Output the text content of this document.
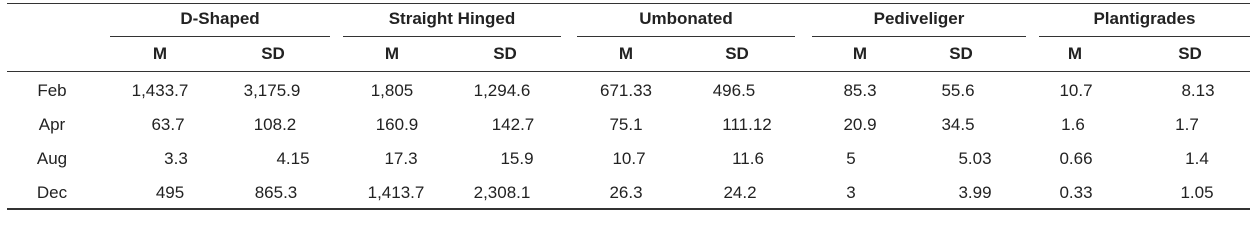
D-Shaped	Straight Hinged	Umbonated	Pediveliger	Plantigrades
M	SD	M	SD	M	SD	M	SD	M	SD
Feb	1,433.7	3,175.9	1,805	1,294.6	671.33	496.5	85.3	55.6	10.7	8.13
Apr	63.7	108.2	160.9	142.7	75.1	111.12	20.9	34.5	1.6	1.7
Aug	3.3	4.15	17.3	15.9	10.7	11.6	5	5.03	0.66	1.4
Dec	495	865.3	1,413.7	2,308.1	26.3	24.2	3	3.99	0.33	1.05
